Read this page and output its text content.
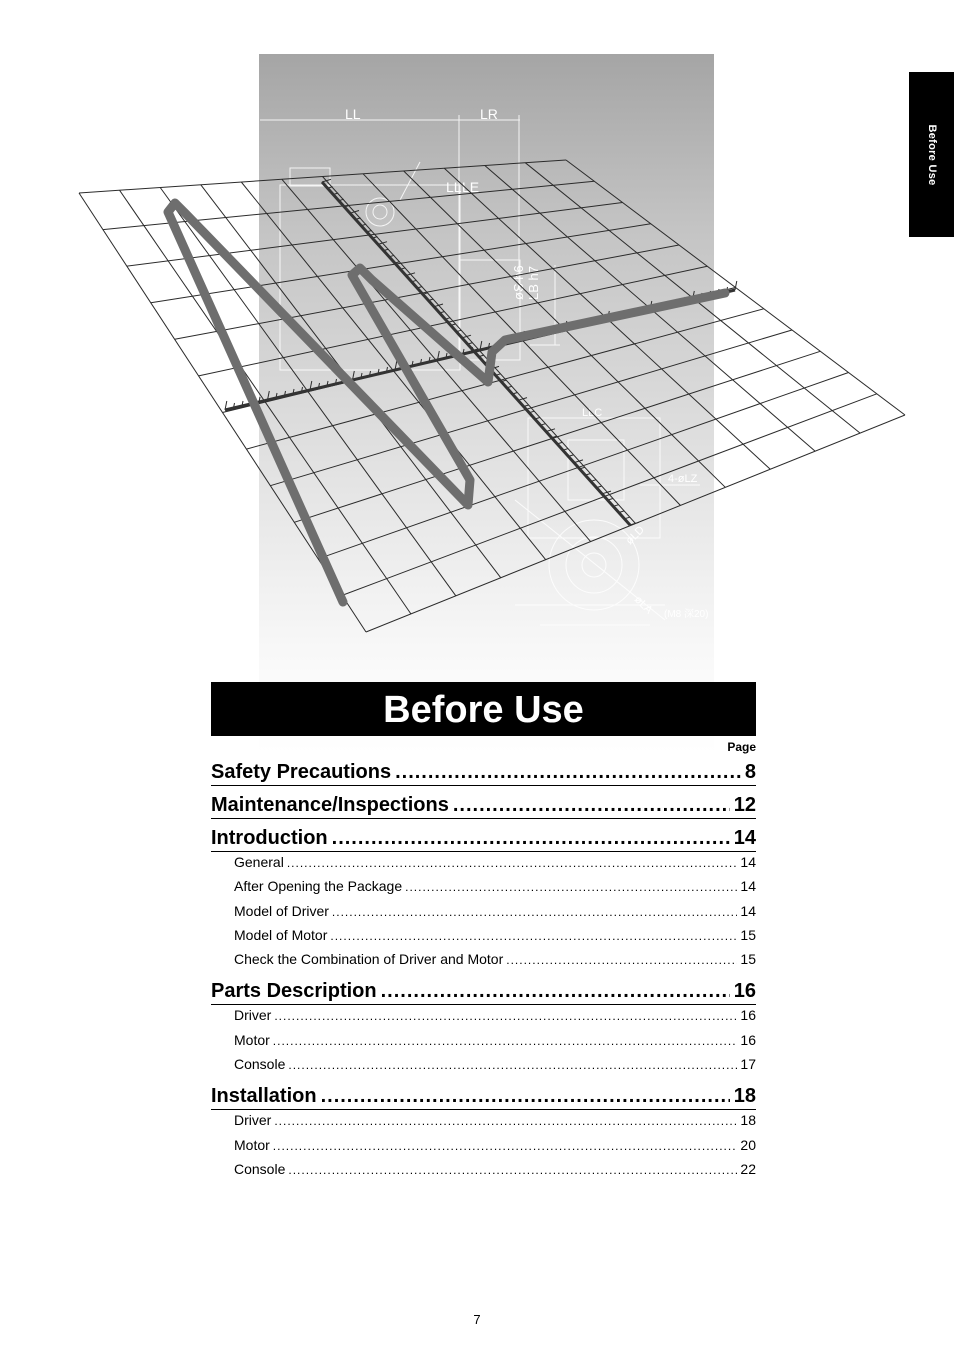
Before Use
LL	LR
LL LE
øS h6 LB h7
LLC
4-øLZ
øLD
øLA (M8 深20)
Before Use
Page
Safety Precautions .....	8
Maintenance/Inspections .....	12
Introduction .....	14
General .....	14
After Opening the Package .....	14
Model of Driver .....	14
Model of Motor .....	15
Check the Combination of Driver and Motor .....	15
Parts Description .....	16
Driver .....	16
Motor .....	16
Console .....	17
Installation .....	18
Driver .....	18
Motor .....	20
Console .....	22
7
